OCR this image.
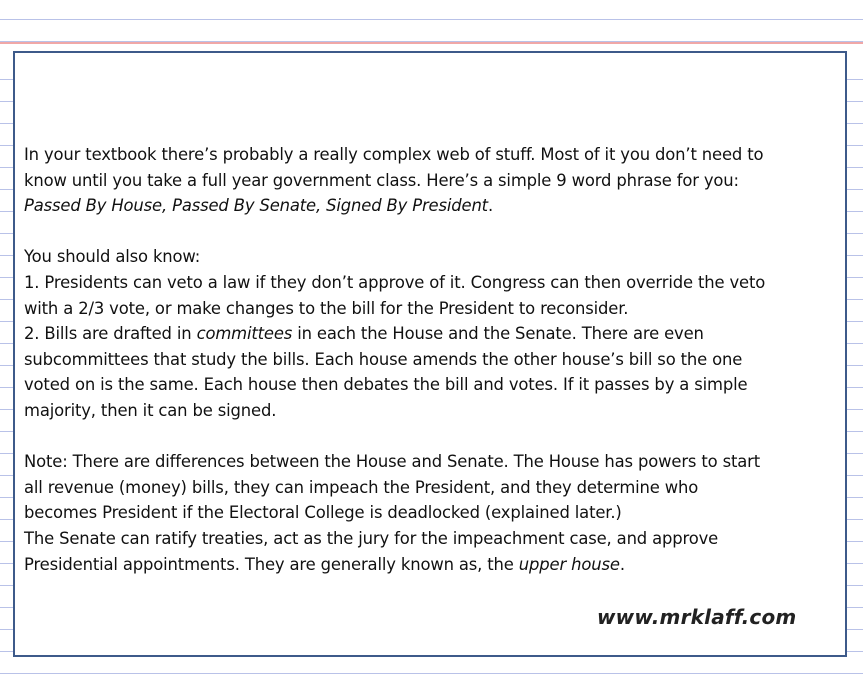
In your textbook there’s probably a really complex web of stuff. Most of it you don’t need to

know until you take a full year government class. Here’s a simple 9 word phrase for you:

Passed By House, Passed By Senate, Signed By President.

You should also know:

1. Presidents can veto a law if they don’t approve of it. Congress can then override the veto

with a 2/3 vote, or make changes to the bill for the President to reconsider.

2. Bills are drafted in committees in each the House and the Senate. There are even

subcommittees that study the bills. Each house amends the other house’s bill so the one

voted on is the same. Each house then debates the bill and votes. If it passes by a simple

majority, then it can be signed.

Note: There are differences between the House and Senate. The House has powers to start

all revenue (money) bills, they can impeach the President, and they determine who

becomes President if the Electoral College is deadlocked (explained later.)

The Senate can ratify treaties, act as the jury for the impeachment case, and approve

Presidential appointments. They are generally known as, the upper house.

www.mrklaff.com
